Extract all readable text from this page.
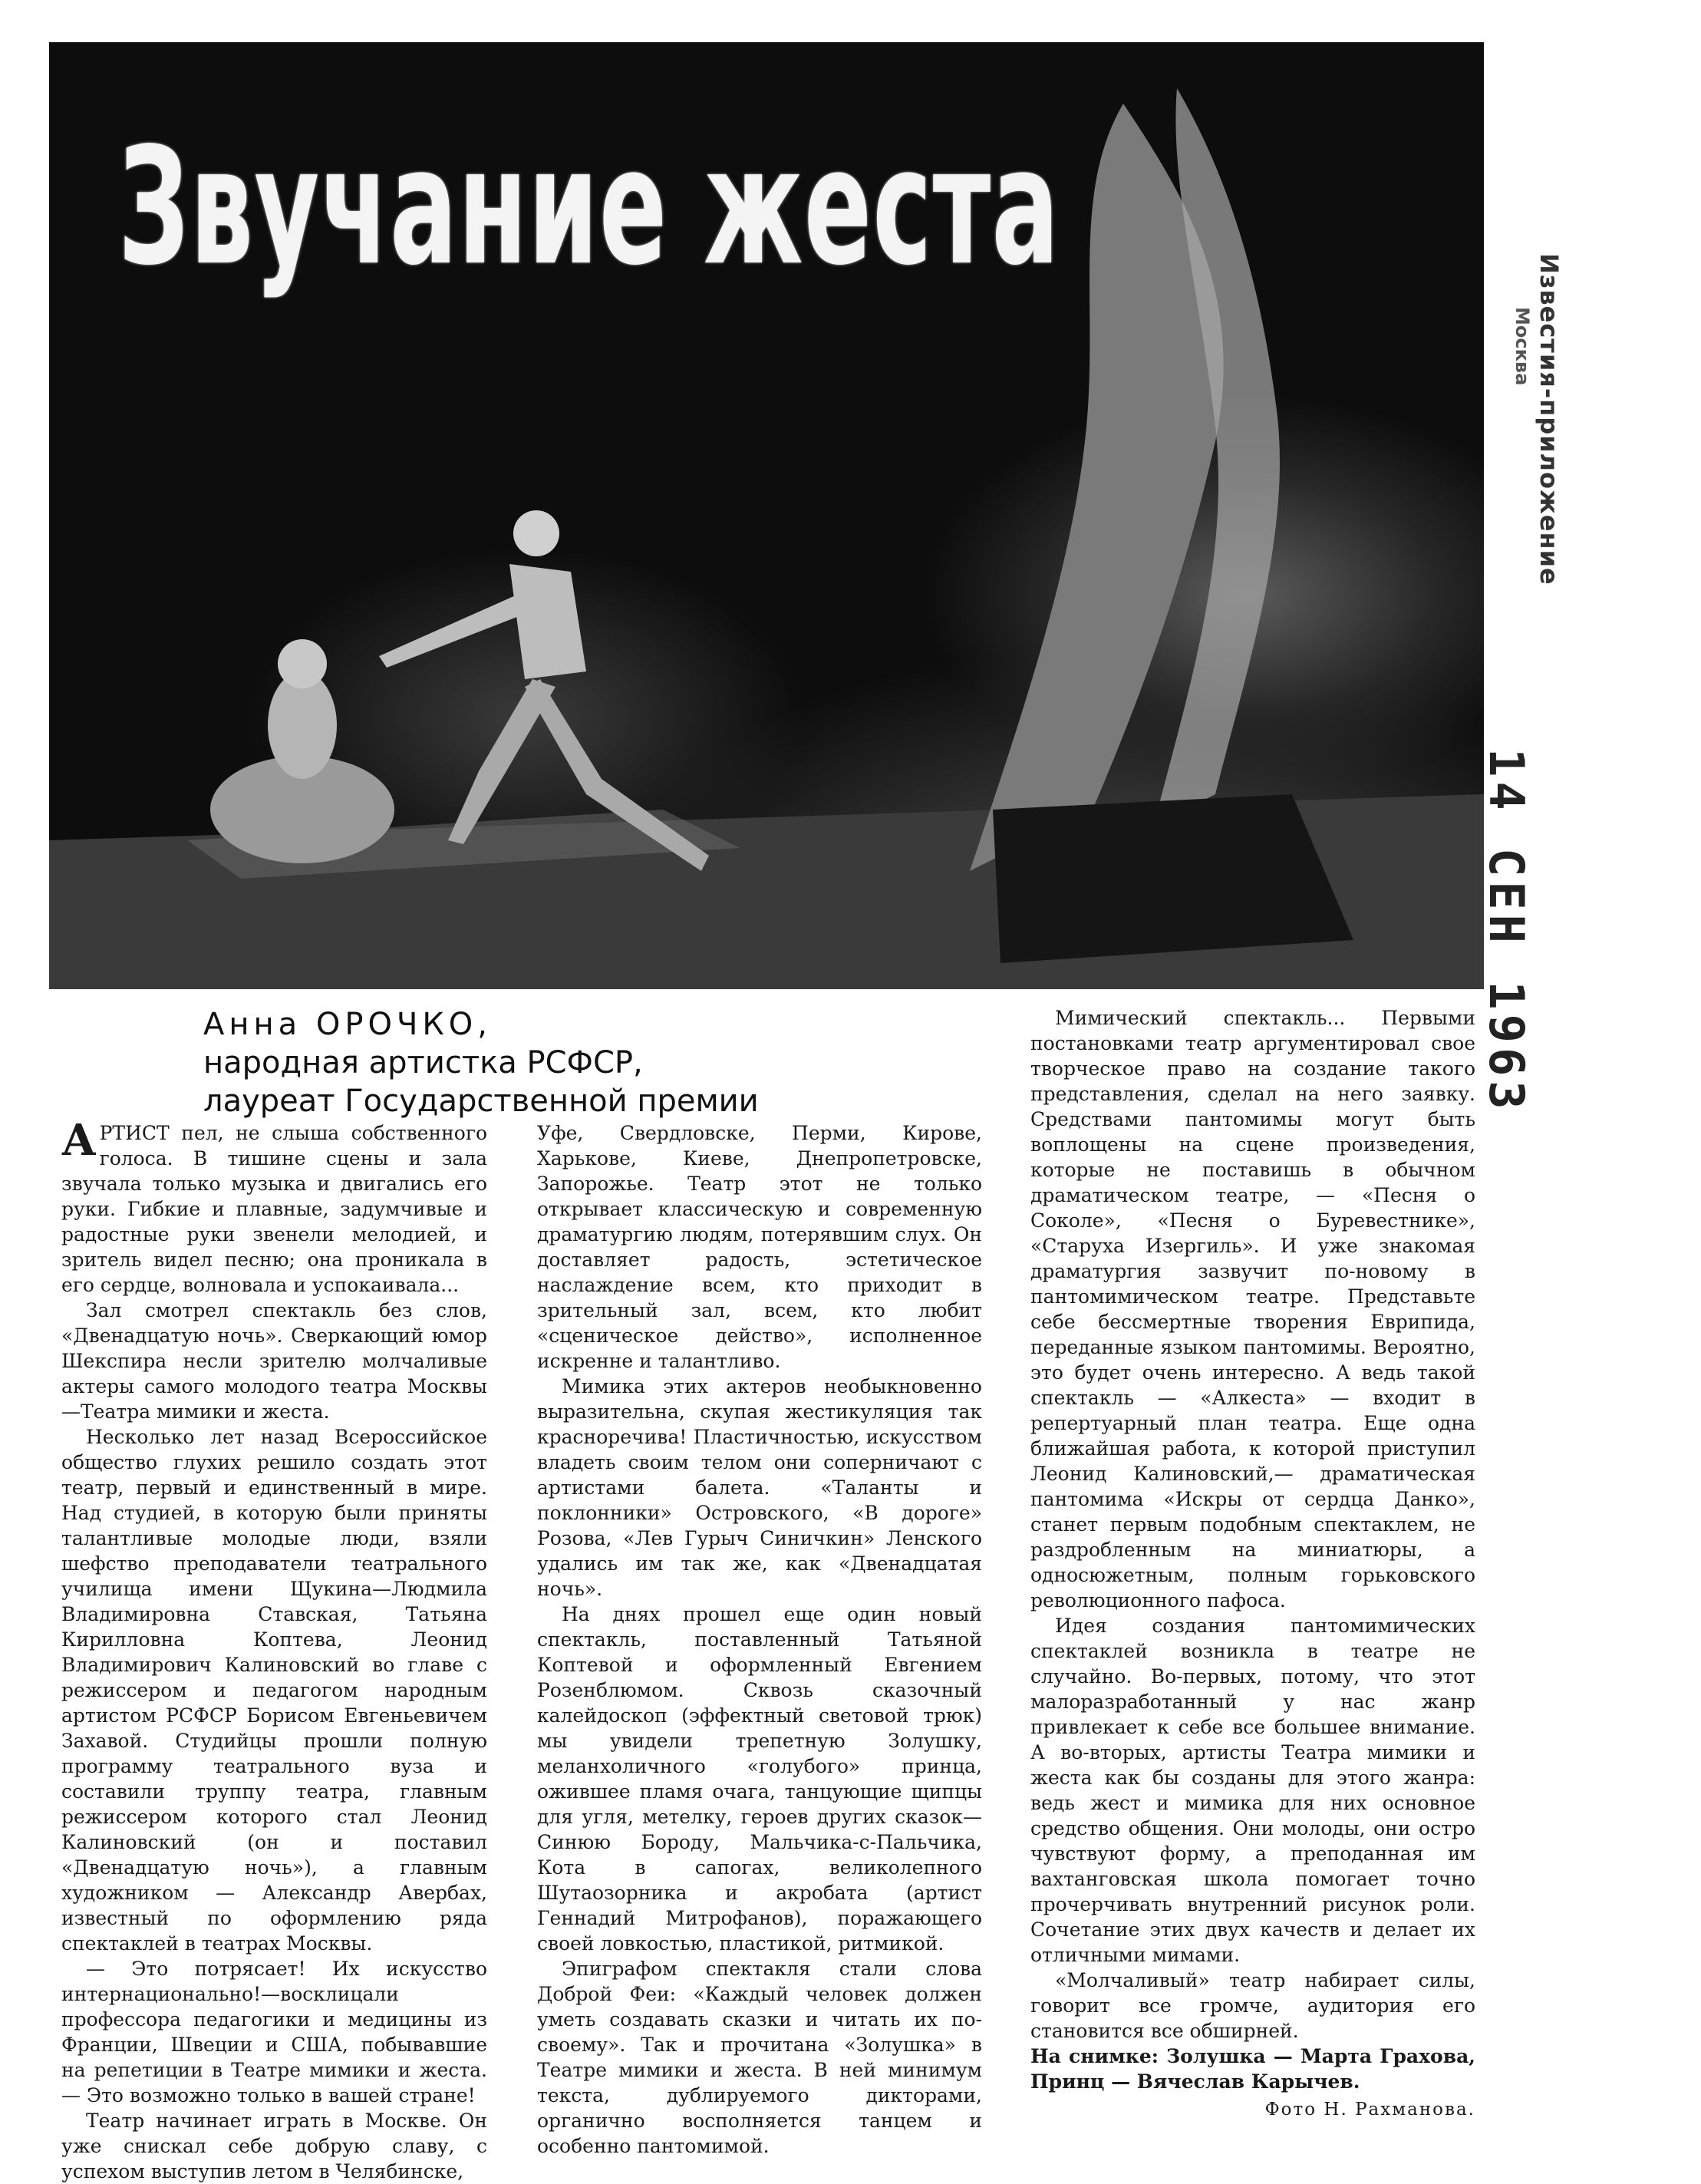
Звучание жеста
Известия-приложение
Москва
14 СЕН 1963
Анна ОРОЧКО,
народная артистка РСФСР,
лауреат Государственной премии

АРТИСТ пел, не слыша собственного голоса. В тишине сцены и зала звучала только музыка и двигались его руки. Гибкие и плавные, задумчивые и радостные руки звенели мелодией, и зритель видел песню; она проникала в его сердце, волновала и успокаивала...

Зал смотрел спектакль без слов, «Двенадцатую ночь». Сверкающий юмор Шекспира несли зрителю молчаливые актеры самого молодого театра Москвы—Театра мимики и жеста.

Несколько лет назад Всероссийское общество глухих решило создать этот театр, первый и единственный в мире. Над студией, в которую были приняты талантливые молодые люди, взяли шефство преподаватели театрального училища имени Щукина—Людмила Владимировна Ставская, Татьяна Кирилловна Коптева, Леонид Владимирович Калиновский во главе с режиссером и педагогом народным артистом РСФСР Борисом Евгеньевичем Захавой. Студийцы прошли полную программу театрального вуза и составили труппу театра, главным режиссером которого стал Леонид Калиновский (он и поставил «Двенадцатую ночь»), а главным художником — Александр Авербах, известный по оформлению ряда спектаклей в театрах Москвы.

— Это потрясает! Их искусство интернационально!—восклицали профессора педагогики и медицины из Франции, Швеции и США, побывавшие на репетиции в Театре мимики и жеста.— Это возможно только в вашей стране!

Театр начинает играть в Москве. Он уже снискал себе добрую славу, с успехом выступив летом в Челябинске,

Уфе, Свердловске, Перми, Кирове, Харькове, Киеве, Днепропетровске, Запорожье. Театр этот не только открывает классическую и современную драматургию людям, потерявшим слух. Он доставляет радость, эстетическое наслаждение всем, кто приходит в зрительный зал, всем, кто любит «сценическое действо», исполненное искренне и талантливо.

Мимика этих актеров необыкновенно выразительна, скупая жестикуляция так красноречива! Пластичностью, искусством владеть своим телом они соперничают с артистами балета. «Таланты и поклонники» Островского, «В дороге» Розова, «Лев Гурыч Синичкин» Ленского удались им так же, как «Двенадцатая ночь».

На днях прошел еще один новый спектакль, поставленный Татьяной Коптевой и оформленный Евгением Розенблюмом. Сквозь сказочный калейдоскоп (эффектный световой трюк) мы увидели трепетную Золушку, меланхоличного «голубого» принца, ожившее пламя очага, танцующие щипцы для угля, метелку, героев других сказок— Синюю Бороду, Мальчика-с-Пальчика, Кота в сапогах, великолепного Шутаозорника и акробата (артист Геннадий Митрофанов), поражающего своей ловкостью, пластикой, ритмикой.

Эпиграфом спектакля стали слова Доброй Феи: «Каждый человек должен уметь создавать сказки и читать их по-своему». Так и прочитана «Золушка» в Театре мимики и жеста. В ней минимум текста, дублируемого дикторами, органично восполняется танцем и особенно пантомимой.

Мимический спектакль... Первыми постановками театр аргументировал свое творческое право на создание такого представления, сделал на него заявку. Средствами пантомимы могут быть воплощены на сцене произведения, которые не поставишь в обычном драматическом театре, — «Песня о Соколе», «Песня о Буревестнике», «Старуха Изергиль». И уже знакомая драматургия зазвучит по-новому в пантомимическом театре. Представьте себе бессмертные творения Еврипида, переданные языком пантомимы. Вероятно, это будет очень интересно. А ведь такой спектакль — «Алкеста» — входит в репертуарный план театра. Еще одна ближайшая работа, к которой приступил Леонид Калиновский,— драматическая пантомима «Искры от сердца Данко», станет первым подобным спектаклем, не раздробленным на миниатюры, а односюжетным, полным горьковского революционного пафоса.

Идея создания пантомимических спектаклей возникла в театре не случайно. Во-первых, потому, что этот малоразработанный у нас жанр привлекает к себе все большее внимание. А во-вторых, артисты Театра мимики и жеста как бы созданы для этого жанра: ведь жест и мимика для них основное средство общения. Они молоды, они остро чувствуют форму, а преподанная им вахтанговская школа помогает точно прочерчивать внутренний рисунок роли. Сочетание этих двух качеств и делает их отличными мимами.

«Молчаливый» театр набирает силы, говорит все громче, аудитория его становится все обширней.

На снимке: Золушка — Марта Грахова, Принц — Вячеслав Карычев.

Фото Н. Рахманова.
